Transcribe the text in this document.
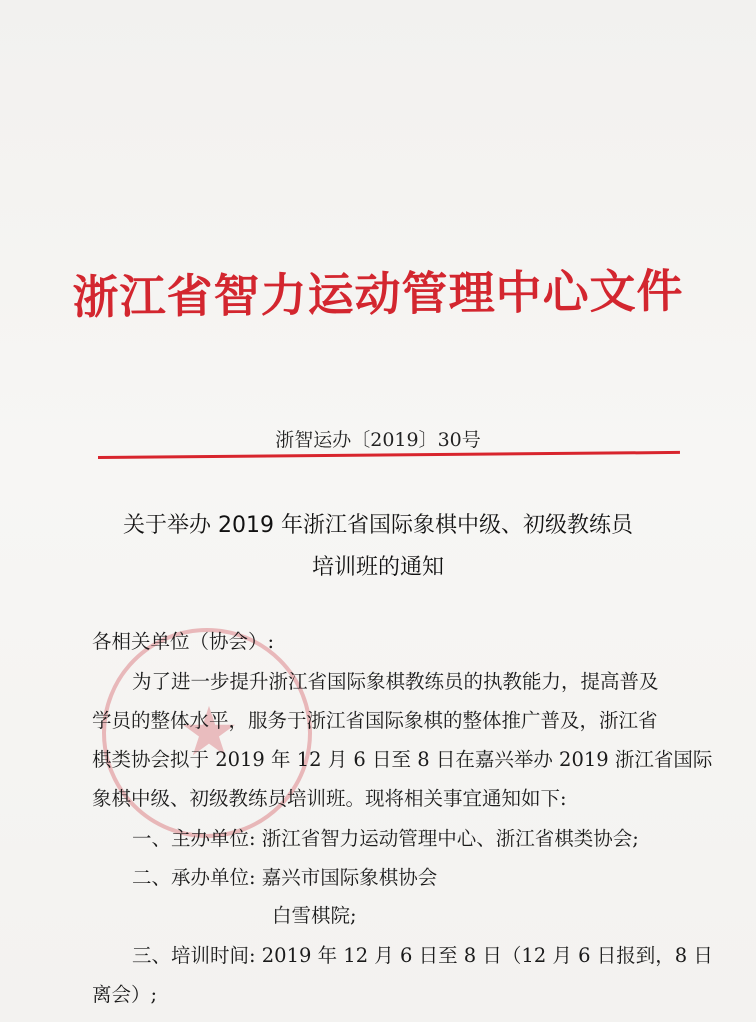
浙江省智力运动管理中心文件
浙智运办〔2019〕30号
关于举办 2019 年浙江省国际象棋中级、初级教练员
培训班的通知
★
各相关单位（协会）:
为了进一步提升浙江省国际象棋教练员的执教能力，提高普及
学员的整体水平，服务于浙江省国际象棋的整体推广普及，浙江省
棋类协会拟于 2019 年 12 月 6 日至 8 日在嘉兴举办 2019 浙江省国际
象棋中级、初级教练员培训班。现将相关事宜通知如下:
一、主办单位: 浙江省智力运动管理中心、浙江省棋类协会;
二、承办单位: 嘉兴市国际象棋协会
白雪棋院;
三、培训时间: 2019 年 12 月 6 日至 8 日（12 月 6 日报到，8 日
离会）;
